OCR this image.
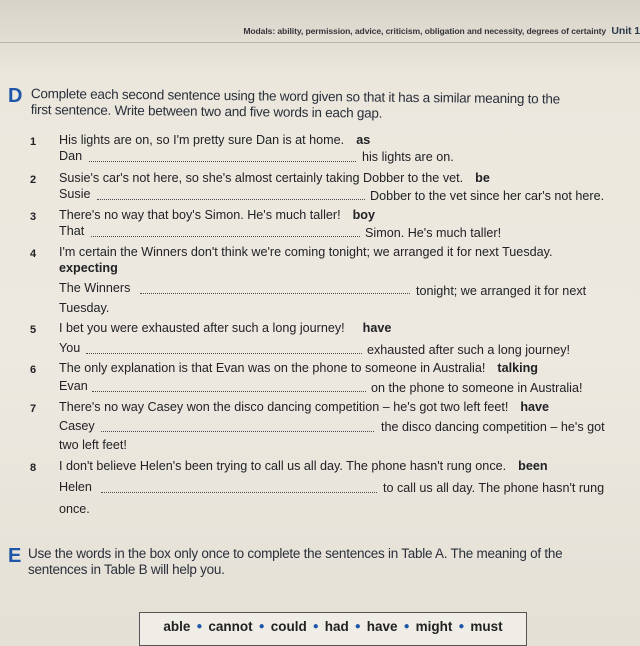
Modals: ability, permission, advice, criticism, obligation and necessity, degrees of certainty Unit 1
D Complete each second sentence using the word given so that it has a similar meaning to the
first sentence. Write between two and five words in each gap.
1 His lights are on, so I'm pretty sure Dan is at home. as
Dan	his lights are on.
2 Susie's car's not here, so she's almost certainly taking Dobber to the vet. be
Susie	Dobber to the vet since her car's not here.
3 There's no way that boy's Simon. He's much taller! boy
That	Simon. He's much taller!
4 I'm certain the Winners don't think we're coming tonight; we arranged it for next Tuesday.
expecting
The Winners	tonight; we arranged it for next
Tuesday.
5 I bet you were exhausted after such a long journey! have
You	exhausted after such a long journey!
6 The only explanation is that Evan was on the phone to someone in Australia! talking
Evan	on the phone to someone in Australia!
7 There's no way Casey won the disco dancing competition – he's got two left feet! have
Casey	the disco dancing competition – he's got
two left feet!
8 I don't believe Helen's been trying to call us all day. The phone hasn't rung once. been
Helen	to call us all day. The phone hasn't rung
once.
E Use the words in the box only once to complete the sentences in Table A. The meaning of the
sentences in Table B will help you.
able ● cannot ● could ● had ● have ● might ● must
